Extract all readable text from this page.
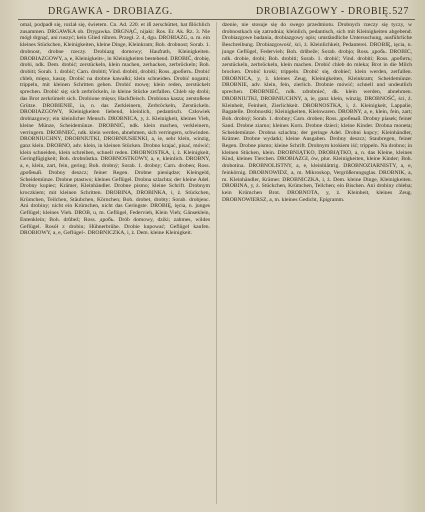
DRGAWKA - DROBIAZG.	DROBIAZGOWY - DROBIĘ. 527

omal, podpadł się, rozlał się, świetem. Cn. Ad. 220. et iß zerschüttet, hat ßlöchlich zusammen. DRGAWKA ob. Drygawka. DRGNĄĆ, nijaki: Ros. Er. Ak. Rz. 3. Nie mógł drgnąć, ani ruszyć; kein Glied rühren. Przegł. 2. 4, dgu. DROBIAZG, u. m. ein kleines Stückchen, Kleinigkeiten, kleine Dinge, Kleinkram; Boh. drobnost; Sorab. 1. drobnost, drobne rzeczy. Drobiazg domowy; Haufrath, Kleinigkeiten. DROBIAZGOWY, a, e, Kleinigkeits-, in Kleinigkeiten bestehend. DROBIĆ, drobię, drobi, ndk. Dem. drobić; zerstückeln, klein machen, zerhacken, zerbröckeln; Boh. drobiti; Sorab. 1. drobić; Carn. drobiti; Vind. drobiti, drobiti; Ross. дробить. Drobić chleb, mięso, kaszę. Drobić na drobne kawałki; klein schneiden. Drobić nogami; trippeln, mit kleinen Schritten gehen. Drobić mowę; klein reden, zerstückelt sprechen. Drobić się; sich zerbröckeln, in kleine Stücke zerfallen. Chleb się drobi; das Brot zerkrümelt sich. Drobione mięso; Hackfleisch. Drobiona kasza; zerstoßene Grütze. DROBIENIE, ia, n. das Zerkleinern, Zerbröckeln, Zerstückeln. DROBIAZGOWY, Kleinigkeiten liebend, kleinlich, pedantisch. Człowiek drobiazgowy; ein kleinlicher Mensch. DROBNICA, y, ż. Kleinigkeit, kleines Vieh, kleine Münze, Scheidemünze. DROBNIĆ, ndk. klein machen, verkleinern, verringern. DROBNIEĆ, ndk. klein werden, abnehmen, sich verringern, schwinden. DROBNIUCHNY, DROBNIUTKI, DROBNIUSIENKI, a, ie, sehr klein, winzig, ganz klein. DROBNO, adv. klein, in kleinen Stücken. Drobno krajać, pisać, mówić; klein schneiden, klein schreiben, schnell reden. DROBNOSTKA, i, ż. Kleinigkeit, Geringfügigkeit; Boh. drobnůstka. DROBNOSTKOWY, a, e, kleinlich. DROBNY, a, e, klein, zart, fein, gering; Boh. drobný; Sorab. 1. drobny; Carn. droben; Ross. дробный. Drobny deszcz; feiner Regen. Drobne pieniądze; Kleingeld, Scheidemünze. Drobne ptastwo; kleines Geflügel. Drobna szlachta; der kleine Adel. Drobny kupiec; Krämer, Kleinhändler. Drobne pismo; kleine Schrift. Drobnym kroczkiem; mit kleinen Schritten. DROBINA, DROBINKA, i, ż. Stückchen, Krümchen, Teilchen, Stäubchen, Körnchen; Boh. drobet, drobty; Sorab. drobjenc. Ani drobiny; nicht ein Krümchen, nicht das Geringste. DROBIĘ, ięcia, n. junges Geflügel; kleines Vieh. DROB, u, m. Geflügel, Federvieh, Klein Vieh; Gänseklein, Entenklein; Boh. drůbež; Ross. дробь. Drób domowy, dziki; zahmes, wildes Geflügel. Rosół z drobiu; Hühnerbrühe. Drobie kupować; Geflügel kaufen. DROBIOWY, a, e, Geflügel-. DROBNICZKA, i, ż. Dem. kleine Kleinigkeit.

dzenie, nie stosuje się do swego przedmiotu. Drobnych rzeczy się tyczy, w drobnostkach się zatrudnia; kleinlich, pedantisch, sich mit Kleinigkeiten abgebend. Drobiazgowe badania, drobiazgowy opis; umständliche Untersuchung, ausführliche Beschreibung. Drobiazgowość, ści, ż. Kleinlichkeit, Pedanterei. DROBIĘ, ięcia, n. junge Geflügel, Federvieh; Boh. drůbeže; Sorab. drobjo; Ross. дробь. DROBIC, ndk. drobie, drobi; Boh. drobiti; Sorab. 1. drobić; Vind. drobiti; Ross. дробить; zerstückeln, zerbröckeln, klein machen. Drobić chleb do mleka; Brot in die Milch brocken. Drobić kroki; trippeln. Drobić się, drobieć; klein werden, zerfallen. DROBNICA, y, ż. kleines Zeug, Kleinigkeiten, Kleinkram; Scheidemünze. DROBNIE, adv. klein, fein, zierlich. Drobnie mówić; schnell und undeutlich sprechen. DROBNIEĆ, ndk. zdrobnieć, dk. klein werden, abnehmen. DROBNIUTKI, DROBNIUCHNY, a, ie, ganz klein, winzig. DROBNOŚĆ, ści, ż. Kleinheit, Feinheit, Zierlichkeit. DROBNOSTKA, i, ż. Kleinigkeit, Lappalie, Bagatelle. Drobnostki; Kleinigkeiten, Kleinwaren. DROBNY, a, e, klein, fein, zart; Boh. drobný; Sorab. 1. drobny; Carn. droben; Ross. дробный. Drobny piasek; feiner Sand. Drobne ziarno; kleines Korn. Drobne dzieci; kleine Kinder. Drobna moneta; Scheidemünze. Drobna szlachta; der geringe Adel. Drobni kupcy; Kleinhändler, Krämer. Drobne wydatki; kleine Ausgaben. Drobny deszcz; Staubregen, feiner Regen. Drobne pismo; kleine Schrift. Drobnym krokiem iść; trippeln. Na drobno; in kleinen Stücken, klein. DROBNIĄTKO, DROBIĄTKO, a, n. das Kleine, kleines Kind, kleines Tierchen. DROBIAZGI, ów, plur. Kleinigkeiten, kleine Kinder; Boh. drobotina. DROBNOLISTNY, a, e, kleinblättrig. DROBNOZIARNISTY, a, e, feinkörnig. DROBNOWIDZ, a, m. Mikroskop, Vergrößerungsglas. DROBNIK, a, m. Kleinhändler, Krämer. DROBNICZKA, i, ż. Dem. kleine Dinge, Kleinigkeiten. DROBINA, y, ż. Stückchen, Krümchen, Teilchen; ein Bischen. Ani drobiny chleba; kein Krümchen Brot. DROBNOTA, y, ż. Kleinheit, kleines Zeug. DROBNOWIERSZ, a, m. kleines Gedicht, Epigramm.
